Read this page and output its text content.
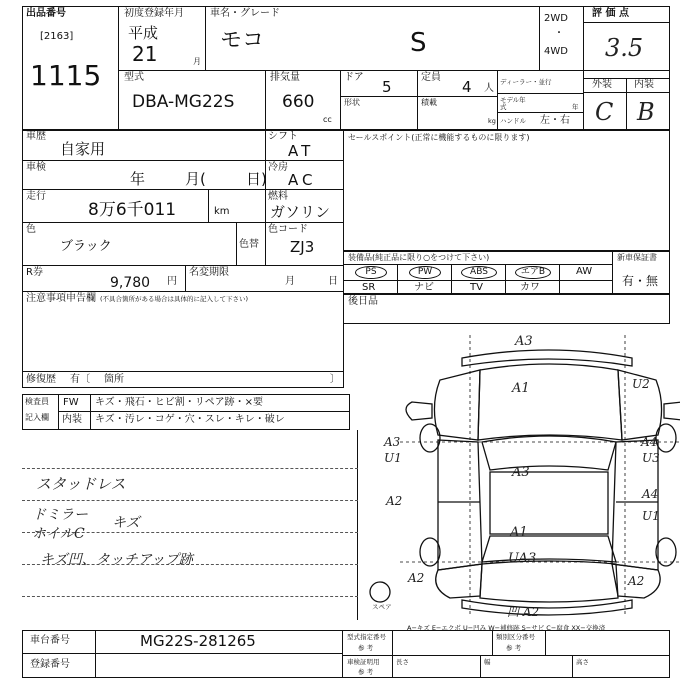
出品番号
[2163]
1115
初度登録年月
平成
21	月
車名・グレード
モコ	S
2WD
・
4WD
評 価 点
3.5
外装 内装
C B
型式
DBA-MG22S
排気量
660
cc
ドア
5
定員
4 人
ディーラー・並行
形状	積載
kg
モデル年式	年
ハンドル 左・右
車歴
自家用
車検
年	月(	日)
走行
8万6千011	km
色
ブラック	色替
R券
9,780 円
名変期限
月	日
注意事項申告欄 (不具合箇所がある場合は具体的に記入して下さい)
修復歴 有〔 箇所	〕
シフト
AT
冷房
AC
燃料
ガソリン
色コード
ZJ3
セールスポイント(正常に機能するものに限ります)
装備品(純正品に限り○をつけて下さい)	新車保証書
有・無
PS	PW	ABS	エアB	AW
SR	ナビ	TV	カワ
後日品
検査員
記入欄
FW キズ・飛石・ヒビ割・リペア跡・×要
内装 キズ・汚レ・コゲ・穴・スレ・キレ・破レ
スタッドレス
ドミラー
ホイルC
キズ
キズ凹、タッチアップ跡
A3
A1	U2
A3
U1
A3
A4
U3
A2	A4
U1
A1
UA3
A2	A2
凹 A2
スペア
A−キズ E−エクボ U−凹み W−補修跡 S−サビ C−腐食 XX−交換済
車台番号	MG22S-281265
登録番号
型式指定番号
参 考
類別区分番号
参 考
車検証明用
参 考
長さ	幅	高さ
